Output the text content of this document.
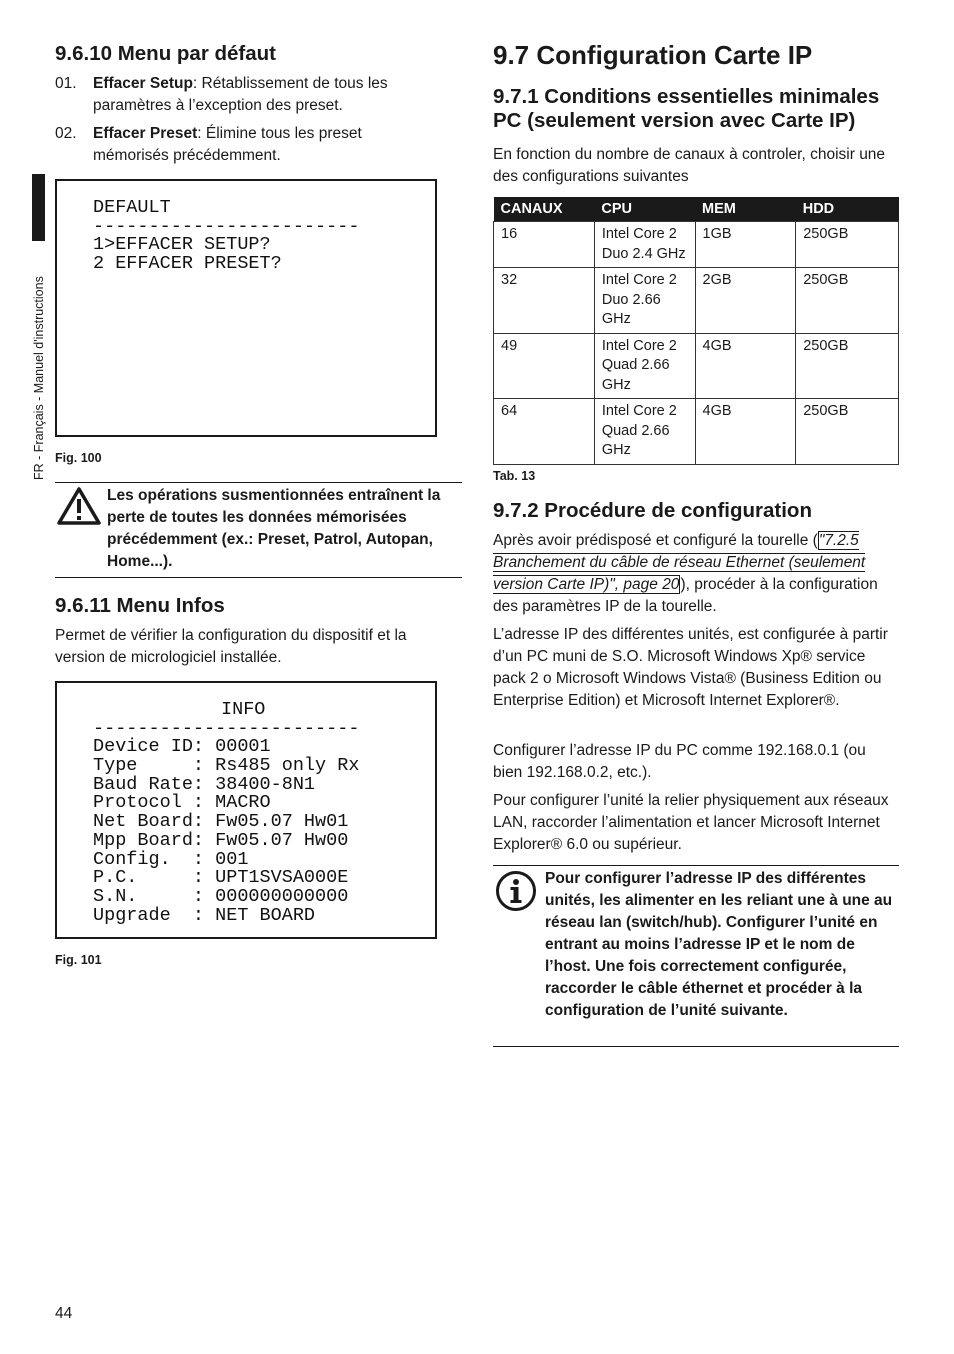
FR - Français - Manuel d'instructions
9.6.10 Menu par défaut
01. Effacer Setup: Rétablissement de tous les paramètres à l’exception des preset.
02. Effacer Preset: Élimine tous les preset mémorisés précédemment.
DEFAULT
------------------------
1>EFFACER SETUP?
2 EFFACER PRESET?
Fig. 100
Les opérations susmentionnées entraînent la perte de toutes les données mémorisées précédemment (ex.: Preset, Patrol, Autopan, Home...).
9.6.11 Menu Infos

Permet de vérifier la configuration du dispositif et la version de micrologiciel installée.

INFO
------------------------
Device ID: 00001
Type     : Rs485 only Rx
Baud Rate: 38400-8N1
Protocol : MACRO
Net Board: Fw05.07 Hw01
Mpp Board: Fw05.07 Hw00
Config.  : 001
P.C.     : UPT1SVSA000E
S.N.     : 000000000000
Upgrade  : NET BOARD
Fig. 101
9.7 Configuration Carte IP
9.7.1 Conditions essentielles minimales
PC (seulement version avec Carte IP)

En fonction du nombre de canaux à controler, choisir une des configurations suivantes

CANAUX	CPU	MEM	HDD
16	Intel Core 2 Duo 2.4 GHz	1GB	250GB
32	Intel Core 2 Duo 2.66 GHz	2GB	250GB
49	Intel Core 2 Quad 2.66 GHz	4GB	250GB
64	Intel Core 2 Quad 2.66 GHz	4GB	250GB
Tab. 13
9.7.2 Procédure de configuration

Après avoir prédisposé et configuré la tourelle ("7.2.5 Branchement du câble de réseau Ethernet (seulement version Carte IP)", page 20), procéder à la configuration des paramètres IP de la tourelle.

L’adresse IP des différentes unités, est configurée à partir d’un PC muni de S.O. Microsoft Windows Xp® service pack 2 o Microsoft Windows Vista® (Business Edition ou Enterprise Edition) et Microsoft Internet Explorer®.

Configurer l’adresse IP du PC comme 192.168.0.1 (ou bien 192.168.0.2, etc.).

Pour configurer l’unité la relier physiquement aux réseaux LAN, raccorder l’alimentation et lancer Microsoft Internet Explorer® 6.0 ou supérieur.

Pour configurer l’adresse IP des différentes unités, les alimenter en les reliant une à une au réseau lan (switch/hub). Configurer l’unité en entrant au moins l’adresse IP et le nom de l’host. Une fois correctement configurée, raccorder le câble éthernet et procéder à la configuration de l’unité suivante.
44
